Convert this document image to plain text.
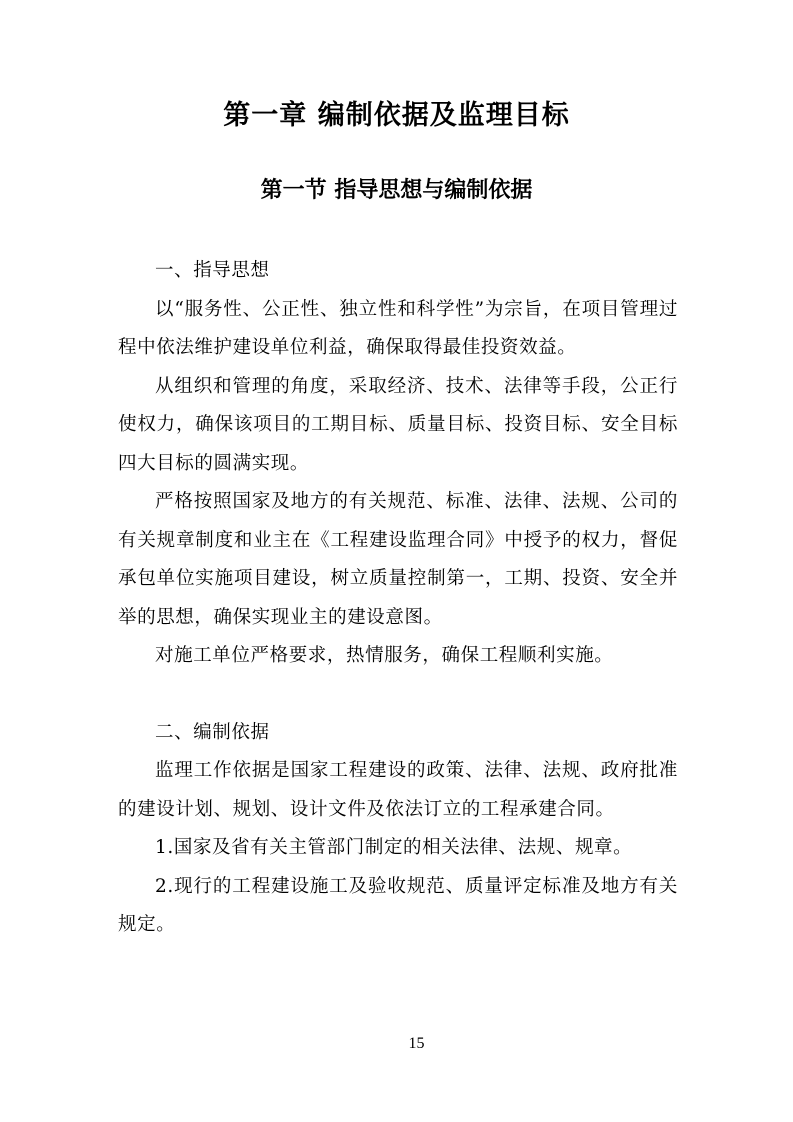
第一章 编制依据及监理目标
第一节 指导思想与编制依据

一、指导思想

以“服务性、公正性、独立性和科学性”为宗旨，在项目管理过程中依法维护建设单位利益，确保取得最佳投资效益。

从组织和管理的角度，采取经济、技术、法律等手段，公正行使权力，确保该项目的工期目标、质量目标、投资目标、安全目标四大目标的圆满实现。

严格按照国家及地方的有关规范、标准、法律、法规、公司的有关规章制度和业主在《工程建设监理合同》中授予的权力，督促承包单位实施项目建设，树立质量控制第一，工期、投资、安全并举的思想，确保实现业主的建设意图。

对施工单位严格要求，热情服务，确保工程顺利实施。

二、编制依据

监理工作依据是国家工程建设的政策、法律、法规、政府批准的建设计划、规划、设计文件及依法订立的工程承建合同。

1.国家及省有关主管部门制定的相关法律、法规、规章。

2.现行的工程建设施工及验收规范、质量评定标准及地方有关规定。

15
